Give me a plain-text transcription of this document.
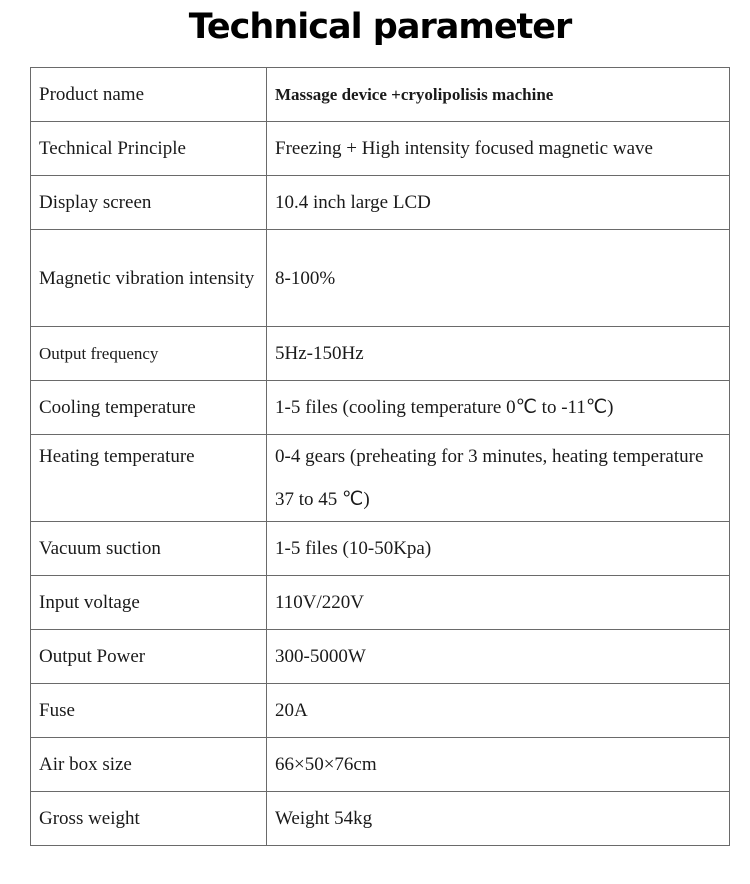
Technical parameter
Product name	Massage device +cryolipolisis machine
Technical Principle	Freezing + High intensity focused magnetic wave
Display screen	10.4 inch large LCD
Magnetic vibration intensity	8-100%
Output frequency	5Hz-150Hz
Cooling temperature	1-5 files (cooling temperature 0℃ to -11℃)
Heating temperature	0-4 gears (preheating for 3 minutes, heating temperature 37 to 45 ℃)
Vacuum suction	1-5 files (10-50Kpa)
Input voltage	110V/220V
Output Power	300-5000W
Fuse	20A
Air box size	66×50×76cm
Gross weight	Weight 54kg
